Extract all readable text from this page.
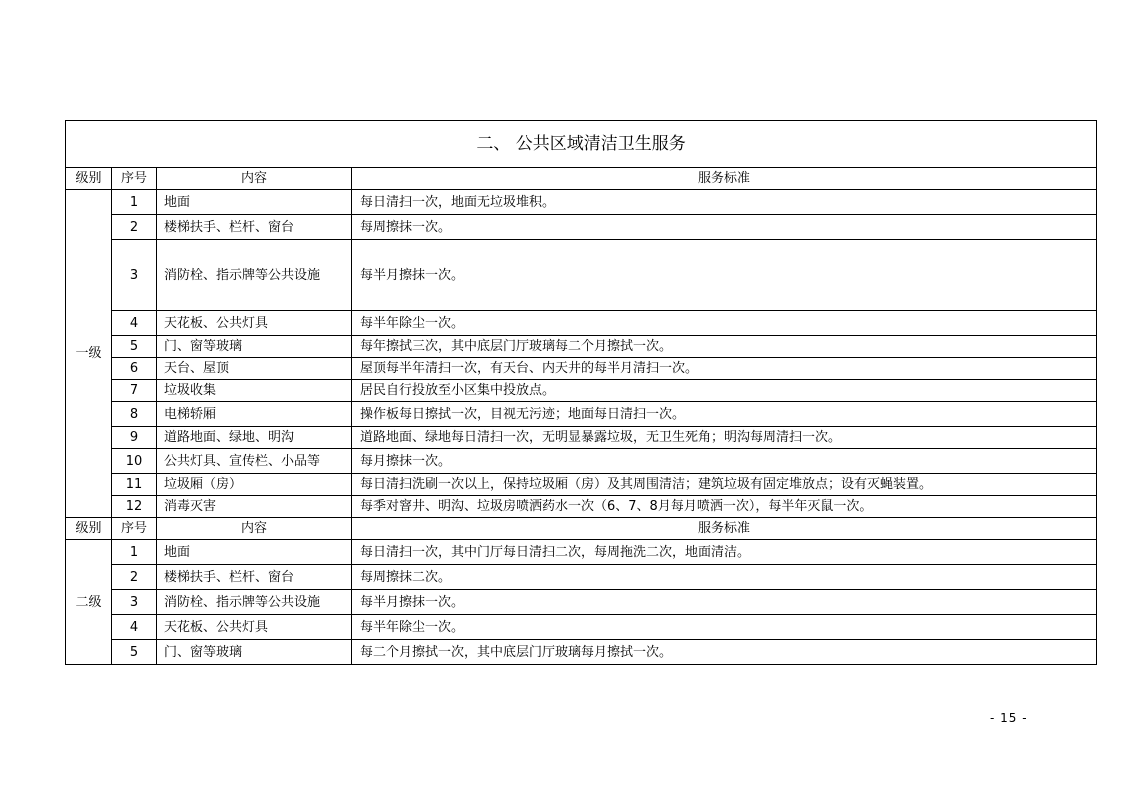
二、 公共区域清洁卫生服务			
级别	序号	内容	服务标准
一级	1	地面	每日清扫一次，地面无垃圾堆积。
	2	楼梯扶手、栏杆、窗台	每周擦抹一次。
	3	消防栓、指示牌等公共设施	每半月擦抹一次。
	4	天花板、公共灯具	每半年除尘一次。
	5	门、窗等玻璃	每年擦拭三次，其中底层门厅玻璃每二个月擦拭一次。
	6	天台、屋顶	屋顶每半年清扫一次，有天台、内天井的每半月清扫一次。
	7	垃圾收集	居民自行投放至小区集中投放点。
	8	电梯轿厢	操作板每日擦拭一次，目视无污迹；地面每日清扫一次。
	9	道路地面、绿地、明沟	道路地面、绿地每日清扫一次，无明显暴露垃圾，无卫生死角；明沟每周清扫一次。
	10	公共灯具、宣传栏、小品等	每月擦抹一次。
	11	垃圾厢（房）	每日清扫洗刷一次以上，保持垃圾厢（房）及其周围清洁；建筑垃圾有固定堆放点；设有灭蝇装置。
	12	消毒灭害	每季对窨井、明沟、垃圾房喷洒药水一次（6、7、8月每月喷洒一次），每半年灭鼠一次。
级别	序号	内容	服务标准
二级	1	地面	每日清扫一次，其中门厅每日清扫二次，每周拖洗二次，地面清洁。
	2	楼梯扶手、栏杆、窗台	每周擦抹二次。
	3	消防栓、指示牌等公共设施	每半月擦抹一次。
	4	天花板、公共灯具	每半年除尘一次。
	5	门、窗等玻璃	每二个月擦拭一次，其中底层门厅玻璃每月擦拭一次。
- 15 -
